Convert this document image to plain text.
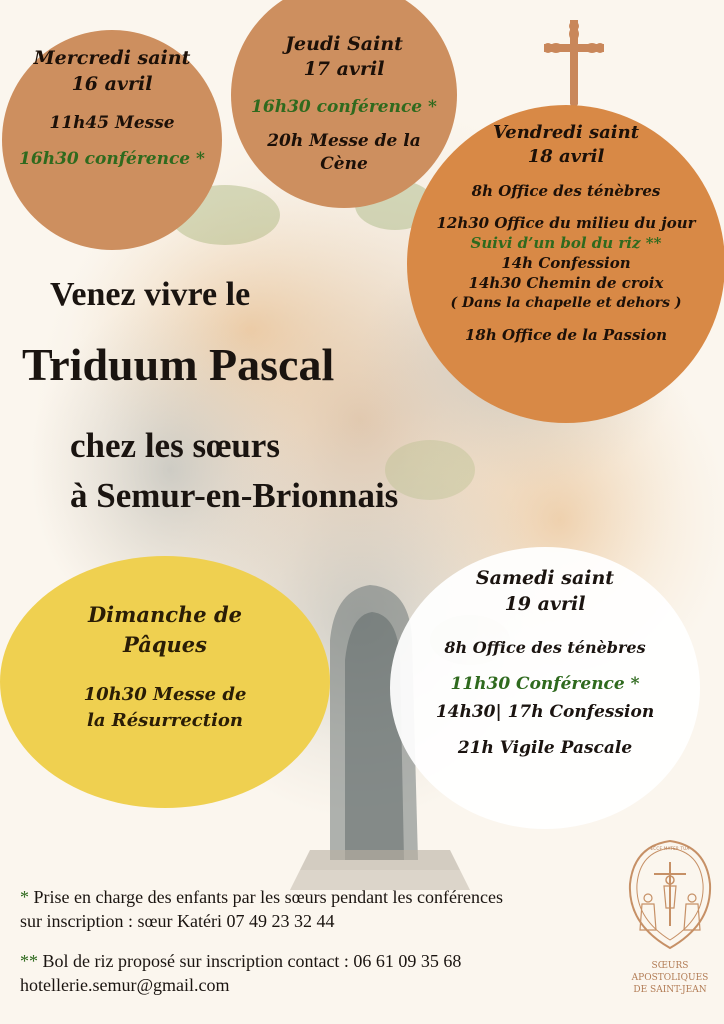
Mercredi saint
16 avril
11h45 Messe
16h30 conférence *
Jeudi Saint
17 avril
16h30 conférence *
20h Messe de la
Cène
Vendredi saint
18 avril
8h Office des ténèbres
12h30 Office du milieu du jour
Suivi d’un bol du riz **
14h Confession
14h30 Chemin de croix
( Dans la chapelle et dehors )
18h Office de la Passion
Venez vivre le
Triduum Pascal
chez les sœurs
à Semur-en-Brionnais
Dimanche de
Pâques
10h30 Messe de
la Résurrection
Samedi saint
19 avril
8h Office des ténèbres
11h30 Conférence *
14h30| 17h Confession
21h Vigile Pascale
* Prise en charge des enfants par les sœurs pendant les conférences
sur inscription : sœur Katéri 07 49 23 32 44
** Bol de riz proposé sur inscription contact : 06 61 09 35 68
hotellerie.semur@gmail.com
ECCE MATER TUA
SŒURS
APOSTOLIQUES
DE SAINT-JEAN
